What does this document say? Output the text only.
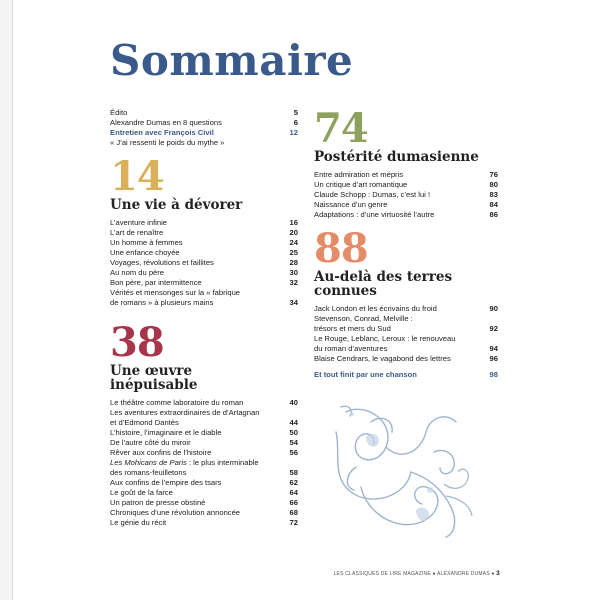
Sommaire
Édito	5
Alexandre Dumas en 8 questions	6
Entretien avec François Civil	12
« J’ai ressenti le poids du mythe »
14
Une vie à dévorer
L’aventure infinie	16
L’art de renaître	20
Un homme à femmes	24
Une enfance choyée	25
Voyages, révolutions et faillites	28
Au nom du père	30
Bon père, par intermittence	32
Vérités et mensonges sur la « fabrique
de romans » à plusieurs mains	34
38
Une œuvre
inépuisable
Le théâtre comme laboratoire du roman	40
Les aventures extraordinaires de d’Artagnan
et d’Edmond Dantès	44
L’histoire, l’imaginaire et le diable	50
De l’autre côté du miroir	54
Rêver aux confins de l’histoire	56
Les Mohicans de Paris : le plus interminable
des romans-feuilletons	58
Aux confins de l’empire des tsars	62
Le goût de la farce	64
Un patron de presse obstiné	66
Chroniques d’une révolution annoncée	68
Le génie du récit	72
74
Postérité dumasienne
Entre admiration et mépris	76
Un critique d’art romantique	80
Claude Schopp : Dumas, c’est lui !	83
Naissance d’un genre	84
Adaptations : d’une virtuosité l’autre	86
88
Au-delà des terres
connues
Jack London et les écrivains du froid	90
Stevenson, Conrad, Melville :
trésors et mers du Sud	92
Le Rouge, Leblanc, Leroux : le renouveau
du roman d’aventures	94
Blaise Cendrars, le vagabond des lettres	96
Et tout finit par une chanson	98
LES CLASSIQUES DE LIRE MAGAZINE ● ALEXANDRE DUMAS ● 3
